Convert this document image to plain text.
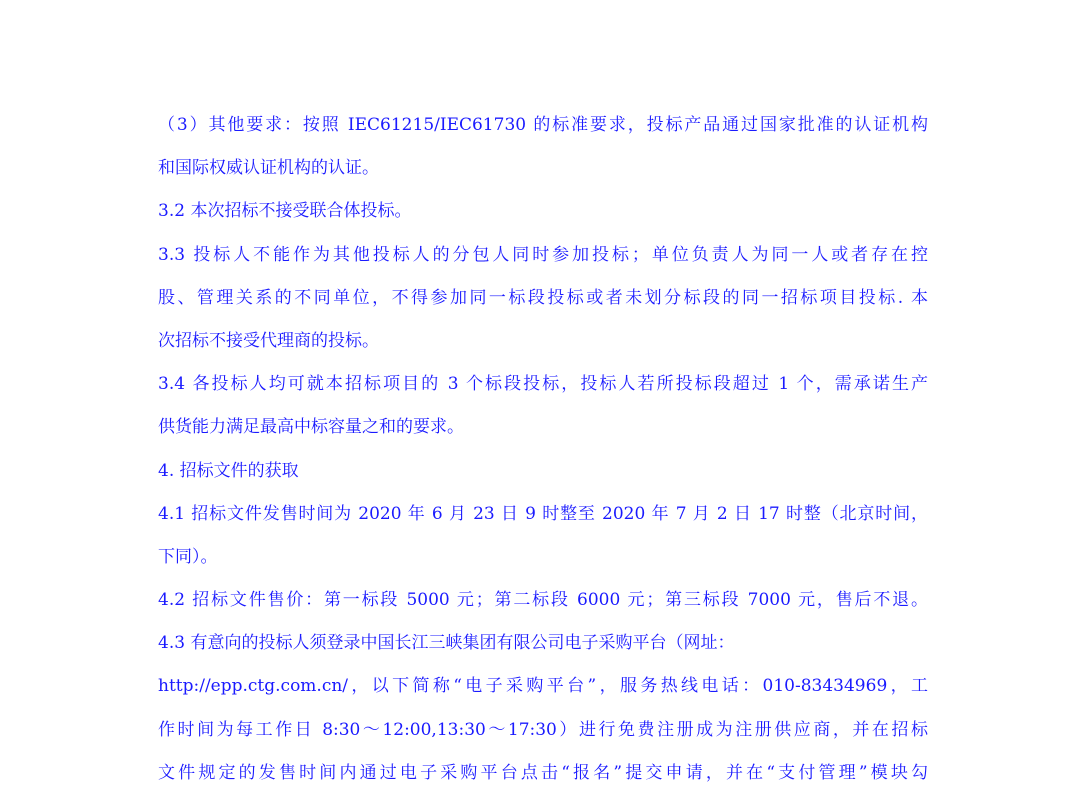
（3）其他要求：按照 IEC61215/IEC61730 的标准要求，投标产品通过国家批准的认证机构
和国际权威认证机构的认证。
3.2 本次招标不接受联合体投标。
3.3 投标人不能作为其他投标人的分包人同时参加投标；单位负责人为同一人或者存在控
股、管理关系的不同单位，不得参加同一标段投标或者未划分标段的同一招标项目投标. 本
次招标不接受代理商的投标。
3.4 各投标人均可就本招标项目的 3 个标段投标，投标人若所投标段超过 1 个，需承诺生产
供货能力满足最高中标容量之和的要求。
4. 招标文件的获取
4.1 招标文件发售时间为 2020 年 6 月 23 日 9 时整至 2020 年 7 月 2 日 17 时整（北京时间，
下同）。
4.2 招标文件售价：第一标段 5000 元；第二标段 6000 元；第三标段 7000 元，售后不退。
4.3 有意向的投标人须登录中国长江三峡集团有限公司电子采购平台（网址：
http://epp.ctg.com.cn/，以下简称“电子采购平台”，服务热线电话：010-83434969，工
作时间为每工作日 8:30～12:00,13:30～17:30）进行免费注册成为注册供应商，并在招标
文件规定的发售时间内通过电子采购平台点击“报名”提交申请，并在“支付管理”模块勾
